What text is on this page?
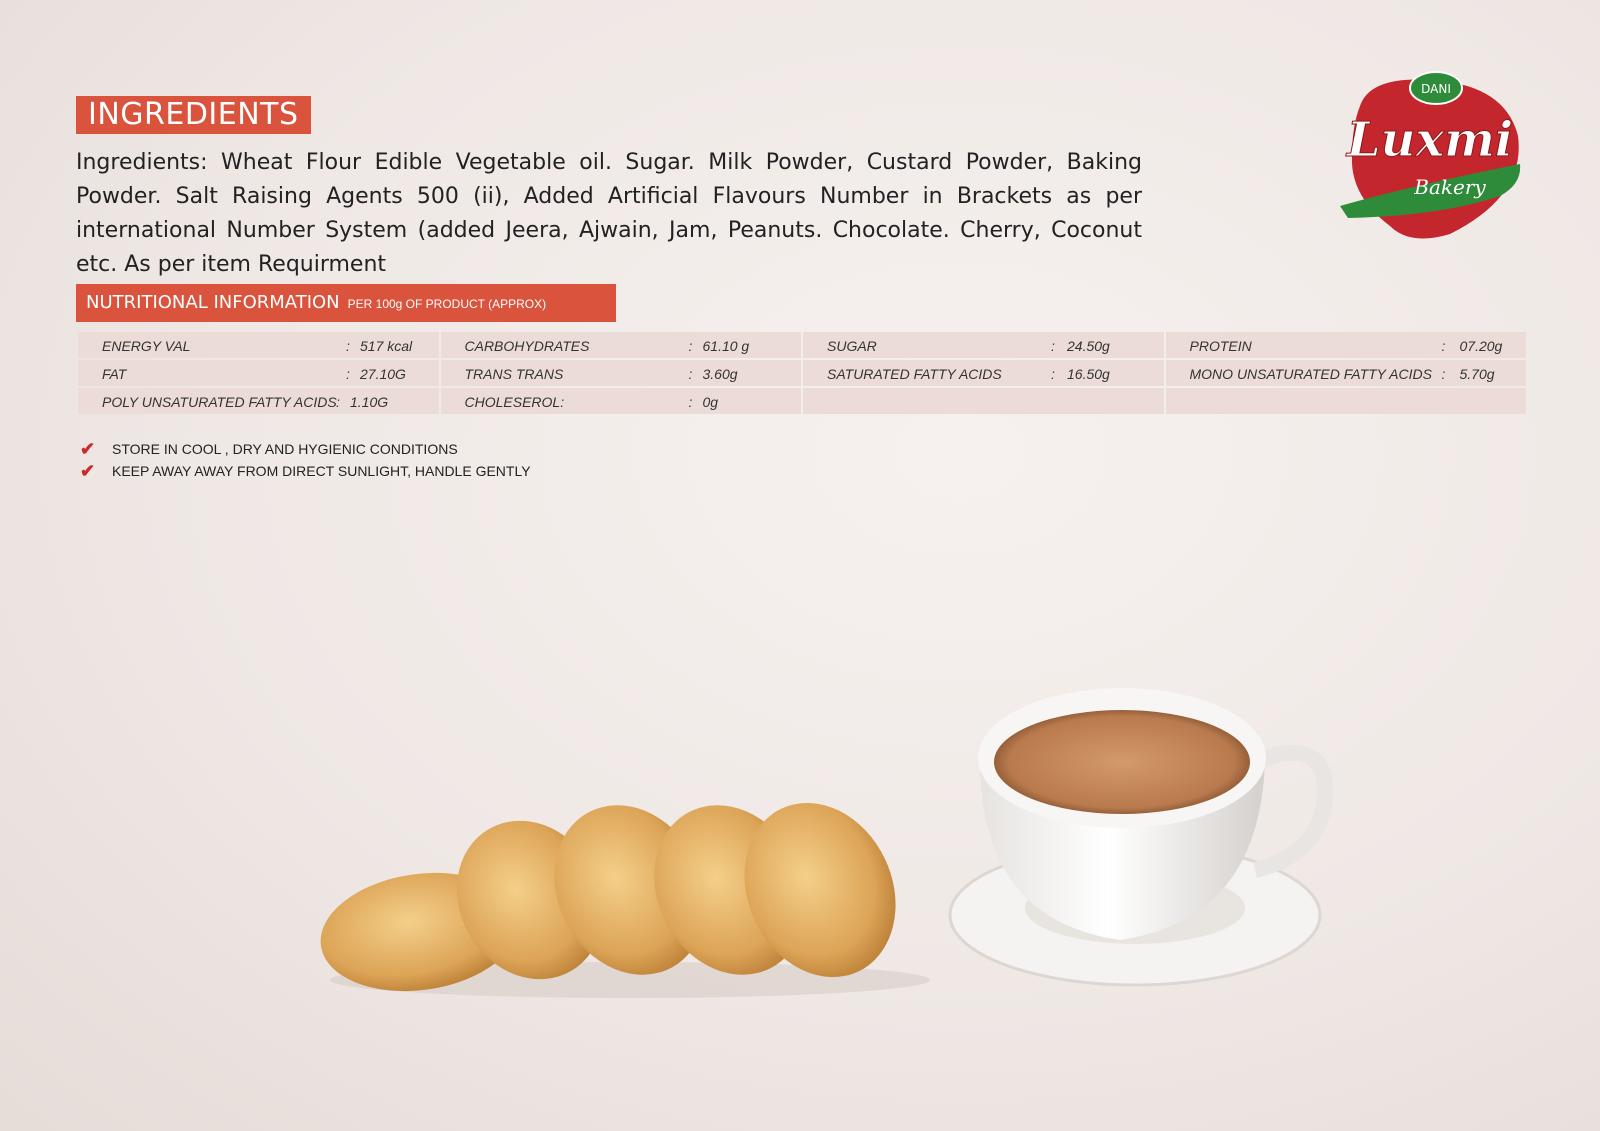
INGREDIENTS
Ingredients: Wheat Flour Edible Vegetable oil. Sugar. Milk Powder, Custard Powder, Baking Powder. Salt Raising Agents 500 (ii), Added Artificial Flavours Number in Brackets as per international Number System (added Jeera, Ajwain, Jam, Peanuts. Chocolate. Cherry, Coconut etc. As per item Requirment
NUTRITIONAL INFORMATION PER 100g OF PRODUCT (APPROX)
ENERGY VAL : 517 kcal	CARBOHYDRATES : 61.10 g	SUGAR : 24.50g	PROTEIN : 07.20g

FAT : 27.10G	TRANS TRANS : 3.60g	SATURATED FATTY ACIDS : 16.50g	MONO UNSATURATED FATTY ACIDS : 5.70g

POLY UNSATURATED FATTY ACIDS : 1.10G	CHOLESEROL: : 0g		

✔	STORE IN COOL , DRY AND HYGIENIC CONDITIONS
✔	KEEP AWAY AWAY FROM DIRECT SUNLIGHT, HANDLE GENTLY
DANI
Luxmi
Bakery
